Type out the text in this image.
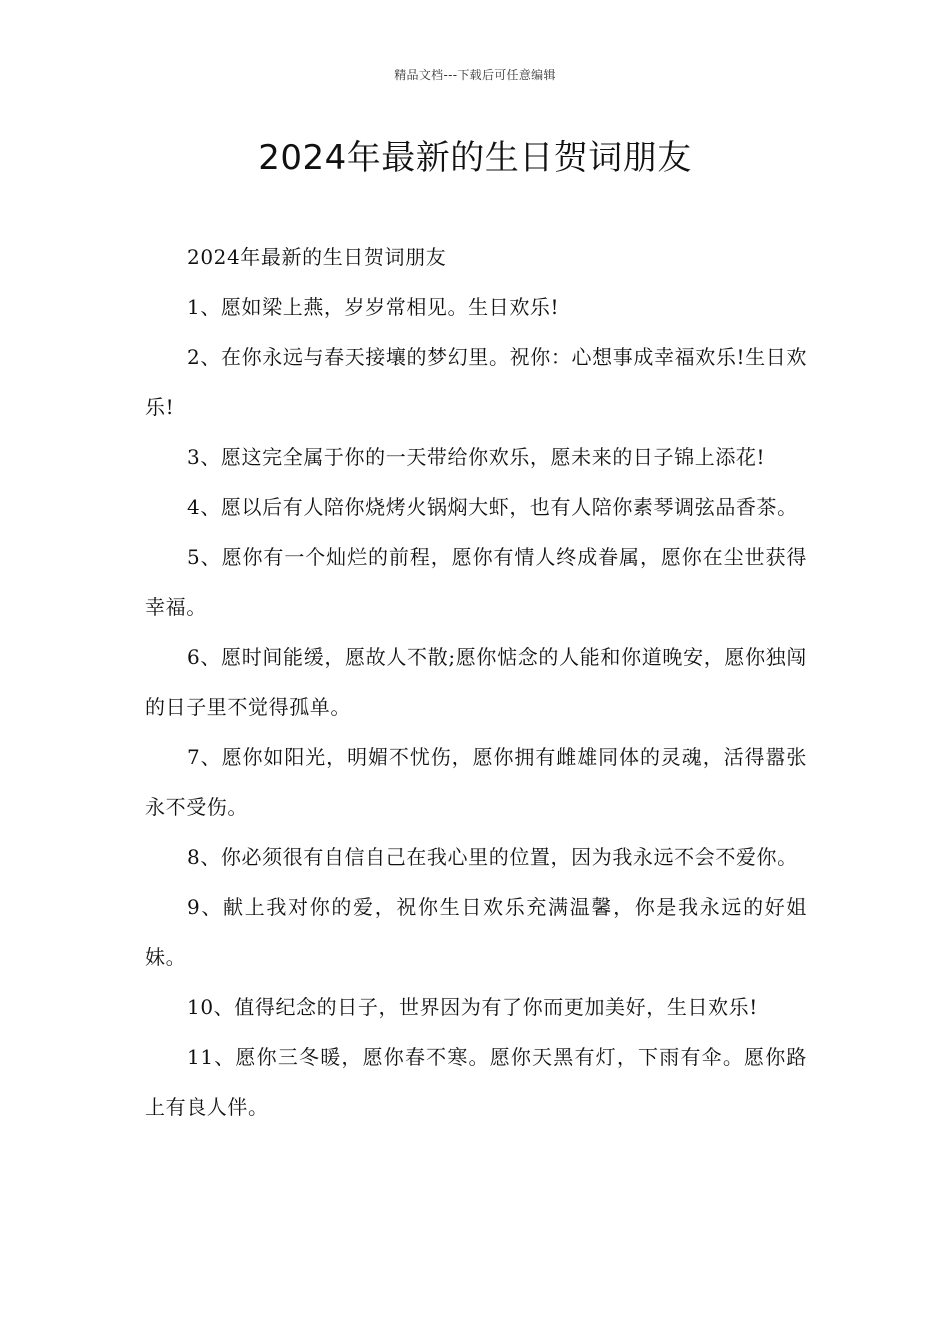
精品文档---下载后可任意编辑
2024年最新的生日贺词朋友

2024年最新的生日贺词朋友

1、愿如梁上燕，岁岁常相见。生日欢乐!

2、在你永远与春天接壤的梦幻里。祝你：心想事成幸福欢乐!生日欢乐!

3、愿这完全属于你的一天带给你欢乐，愿未来的日子锦上添花!

4、愿以后有人陪你烧烤火锅焖大虾，也有人陪你素琴调弦品香茶。

5、愿你有一个灿烂的前程，愿你有情人终成眷属，愿你在尘世获得幸福。

6、愿时间能缓，愿故人不散;愿你惦念的人能和你道晚安，愿你独闯的日子里不觉得孤单。

7、愿你如阳光，明媚不忧伤，愿你拥有雌雄同体的灵魂，活得嚣张永不受伤。

8、你必须很有自信自己在我心里的位置，因为我永远不会不爱你。

9、献上我对你的爱，祝你生日欢乐充满温馨，你是我永远的好姐妹。

10、值得纪念的日子，世界因为有了你而更加美好，生日欢乐!

11、愿你三冬暖，愿你春不寒。愿你天黑有灯，下雨有伞。愿你路上有良人伴。
